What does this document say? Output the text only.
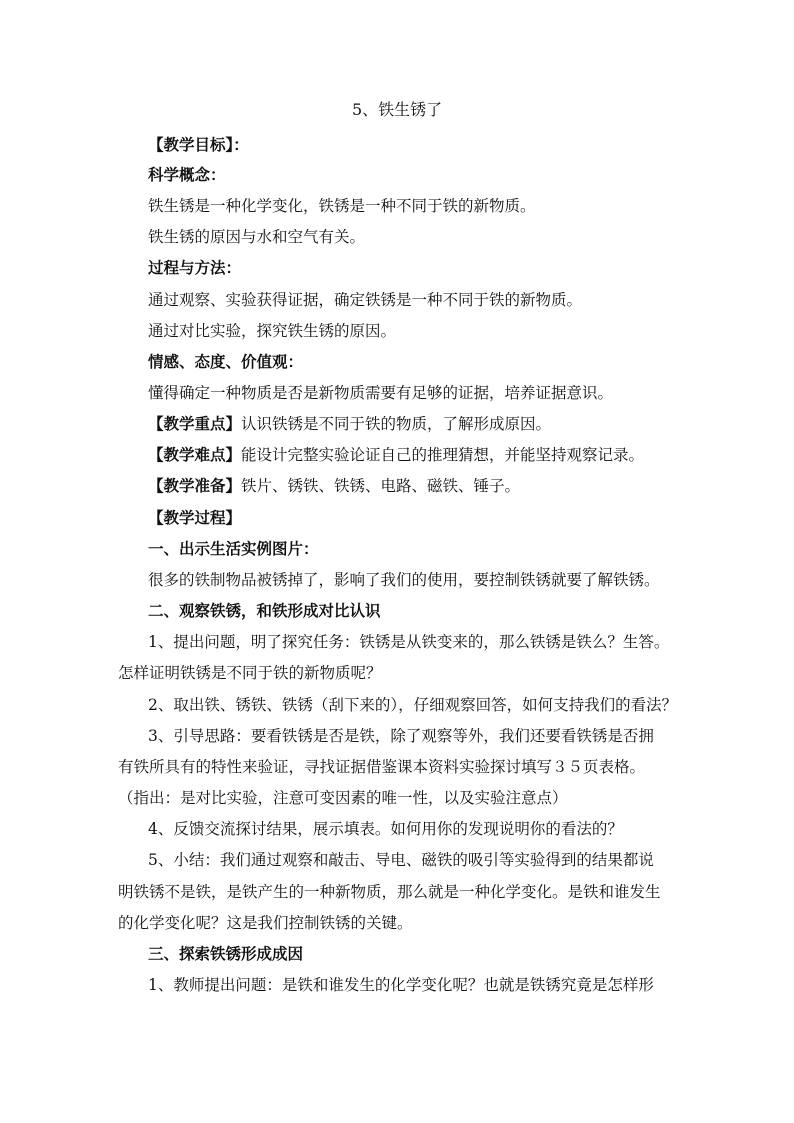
5、铁生锈了
【教学目标】：
科学概念：
铁生锈是一种化学变化，铁锈是一种不同于铁的新物质。
铁生锈的原因与水和空气有关。
过程与方法：
通过观察、实验获得证据，确定铁锈是一种不同于铁的新物质。
通过对比实验，探究铁生锈的原因。
情感、态度、价值观：
懂得确定一种物质是否是新物质需要有足够的证据，培养证据意识。
【教学重点】认识铁锈是不同于铁的物质，了解形成原因。
【教学难点】能设计完整实验论证自己的推理猜想，并能坚持观察记录。
【教学准备】铁片、锈铁、铁锈、电路、磁铁、锤子。
【教学过程】
一、出示生活实例图片：
很多的铁制物品被锈掉了，影响了我们的使用，要控制铁锈就要了解铁锈。
二、观察铁锈，和铁形成对比认识
1、提出问题，明了探究任务：铁锈是从铁变来的，那么铁锈是铁么？生答。
怎样证明铁锈是不同于铁的新物质呢？
2、取出铁、锈铁、铁锈（刮下来的），仔细观察回答，如何支持我们的看法？
3、引导思路：要看铁锈是否是铁，除了观察等外，我们还要看铁锈是否拥
有铁所具有的特性来验证，寻找证据借鉴课本资料实验探讨填写３５页表格。
（指出：是对比实验，注意可变因素的唯一性，以及实验注意点）
4、反馈交流探讨结果，展示填表。如何用你的发现说明你的看法的？
5、小结：我们通过观察和敲击、导电、磁铁的吸引等实验得到的结果都说
明铁锈不是铁，是铁产生的一种新物质，那么就是一种化学变化。是铁和谁发生
的化学变化呢？这是我们控制铁锈的关键。
三、探索铁锈形成成因
1、教师提出问题：是铁和谁发生的化学变化呢？也就是铁锈究竟是怎样形
